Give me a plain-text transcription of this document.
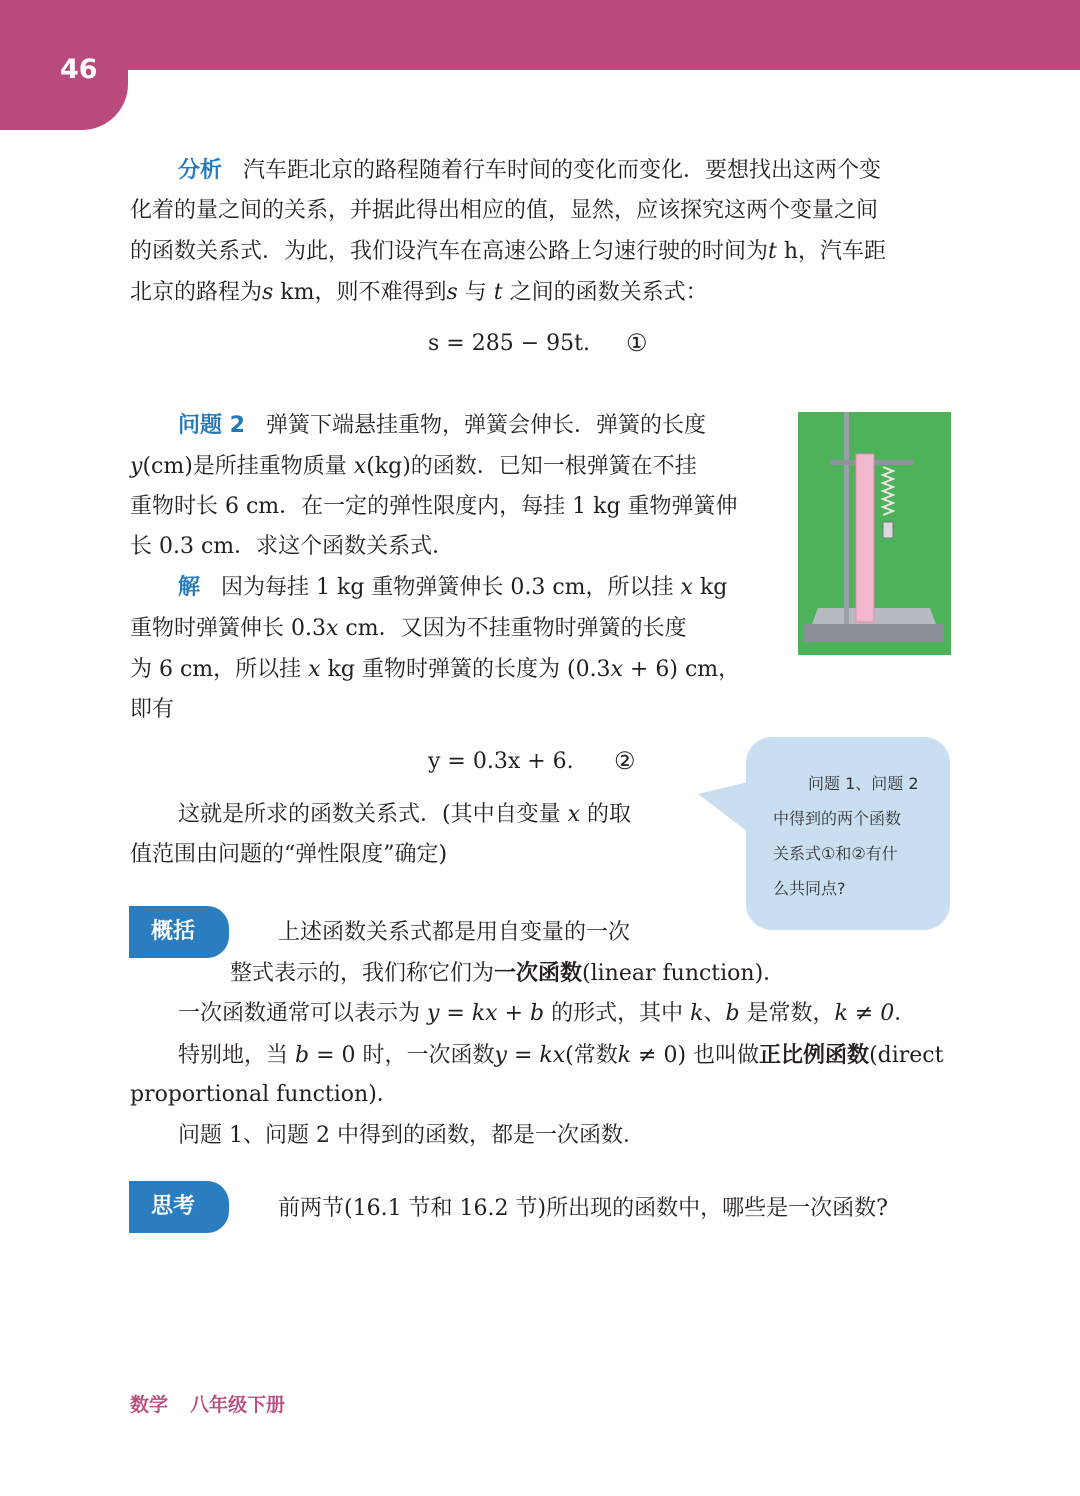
46
分析 汽车距北京的路程随着行车时间的变化而变化．要想找出这两个变
化着的量之间的关系，并据此得出相应的值，显然，应该探究这两个变量之间
的函数关系式．为此，我们设汽车在高速公路上匀速行驶的时间为t h，汽车距
北京的路程为s km，则不难得到s 与 t 之间的函数关系式：
s = 285 − 95t. ①
问题 2 弹簧下端悬挂重物，弹簧会伸长．弹簧的长度
y(cm)是所挂重物质量 x(kg)的函数．已知一根弹簧在不挂
重物时长 6 cm．在一定的弹性限度内，每挂 1 kg 重物弹簧伸
长 0.3 cm．求这个函数关系式．
解 因为每挂 1 kg 重物弹簧伸长 0.3 cm，所以挂 x kg
重物时弹簧伸长 0.3x cm．又因为不挂重物时弹簧的长度
为 6 cm，所以挂 x kg 重物时弹簧的长度为 (0.3x + 6) cm，
即有
y = 0.3x + 6. ②
这就是所求的函数关系式．(其中自变量 x 的取
值范围由问题的“弹性限度”确定)
问题 1、问题 2
中得到的两个函数
关系式①和②有什
么共同点?
概括	上述函数关系式都是用自变量的一次
整式表示的，我们称它们为一次函数(linear function)．
一次函数通常可以表示为 y = kx + b 的形式，其中 k、b 是常数，k ≠ 0．
特别地，当 b = 0 时，一次函数y = kx(常数k ≠ 0) 也叫做正比例函数(direct
proportional function)．
问题 1、问题 2 中得到的函数，都是一次函数．
思考	前两节(16.1 节和 16.2 节)所出现的函数中，哪些是一次函数?
数学 八年级下册
